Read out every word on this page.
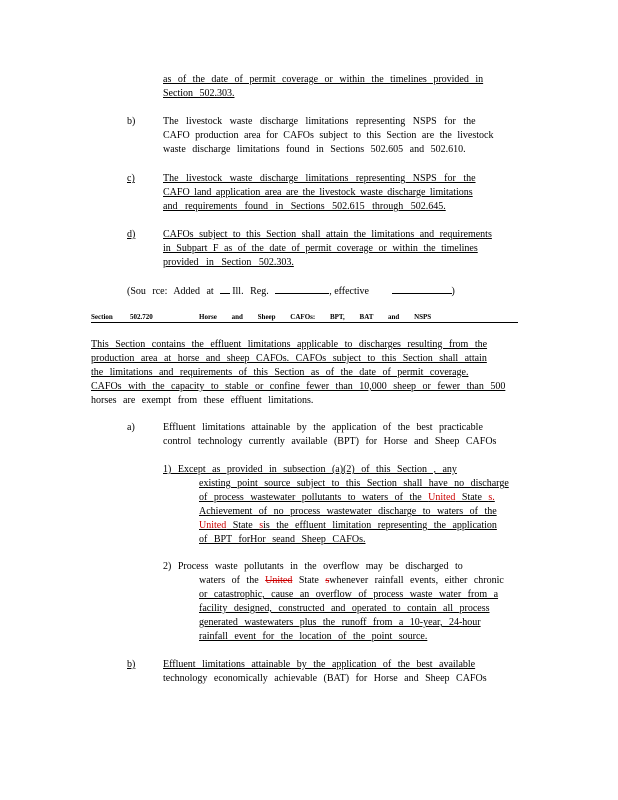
as of the date of permit coverage or within the timelines provided in
Section 502.303.
b)	The livestock waste discharge limitations representing NSPS for the
CAFO production area for CAFOs subject to this Section are the livestock
waste discharge limitations found in Sections 502.605 and 502.610.
c)	The livestock waste discharge limitations representing NSPS for the
CAFO land application area are the livestock waste discharge limitations
and requirements found in Sections 502.615 through 502.645.
d)	CAFOs subject to this Section shall attain the limitations and requirements
in Subpart F as of the date of permit coverage or within the timelines
provided in Section 502.303.
(Sou rce: Added at Ill. Reg.	, effective	)
Section 502.720	Horse and Sheep CAFOs: BPT, BAT and NSPS
This Section contains the effluent limitations applicable to discharges resulting from the
production area at horse and sheep CAFOs. CAFOs subject to this Section shall attain
the limitations and requirements of this Section as of the date of permit coverage.
CAFOs with the capacity to stable or confine fewer than 10,000 sheep or fewer than 500
horses are exempt from these effluent limitations.
a)	Effluent limitations attainable by the application of the best practicable
control technology currently available (BPT) for Horse and Sheep CAFOs
1) Except as provided in subsection (a)(2) of this Section , any
existing point source subject to this Section shall have no discharge
of process wastewater pollutants to waters of the United State s.
Achievement of no process wastewater discharge to waters of the
United State sis the effluent limitation representing the application
of BPT forHor seand Sheep CAFOs.
2) Process waste pollutants in the overflow may be discharged to
waters of the United State swhenever rainfall events, either chronic
or catastrophic, cause an overflow of process waste water from a
facility designed, constructed and operated to contain all process
generated wastewaters plus the runoff from a 10-year, 24-hour
rainfall event for the location of the point source.
b)	Effluent limitations attainable by the application of the best available
technology economically achievable (BAT) for Horse and Sheep CAFOs
